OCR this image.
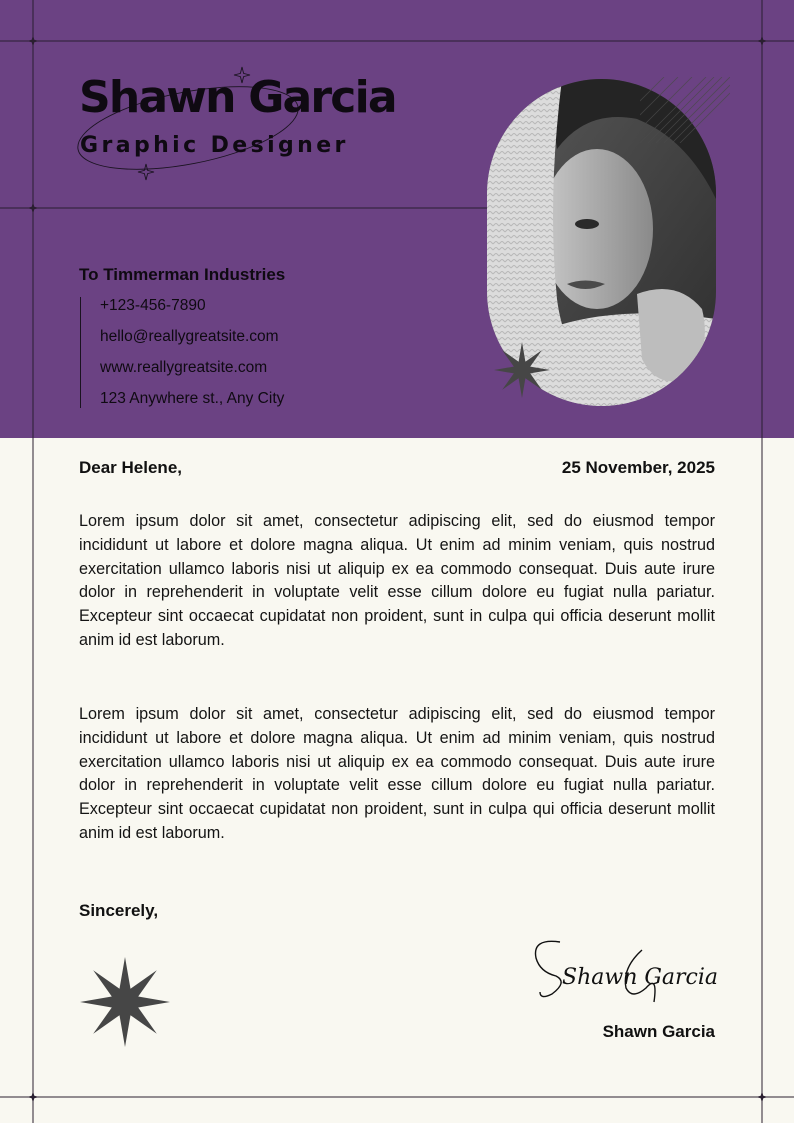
Shawn Garcia
Graphic Designer

To Timmerman Industries

+123-456-7890
hello@reallygreatsite.com
www.reallygreatsite.com
123 Anywhere st., Any City

Dear Helene,	25 November, 2025

Lorem ipsum dolor sit amet, consectetur adipiscing elit, sed do eiusmod tempor incididunt ut labore et dolore magna aliqua. Ut enim ad minim veniam, quis nostrud exercitation ullamco laboris nisi ut aliquip ex ea commodo consequat. Duis aute irure dolor in reprehenderit in voluptate velit esse cillum dolore eu fugiat nulla pariatur. Excepteur sint occaecat cupidatat non proident, sunt in culpa qui officia deserunt mollit anim id est laborum.

Lorem ipsum dolor sit amet, consectetur adipiscing elit, sed do eiusmod tempor incididunt ut labore et dolore magna aliqua. Ut enim ad minim veniam, quis nostrud exercitation ullamco laboris nisi ut aliquip ex ea commodo consequat. Duis aute irure dolor in reprehenderit in voluptate velit esse cillum dolore eu fugiat nulla pariatur. Excepteur sint occaecat cupidatat non proident, sunt in culpa qui officia deserunt mollit anim id est laborum.

Sincerely,

Shawn Garcia

Shawn Garcia
